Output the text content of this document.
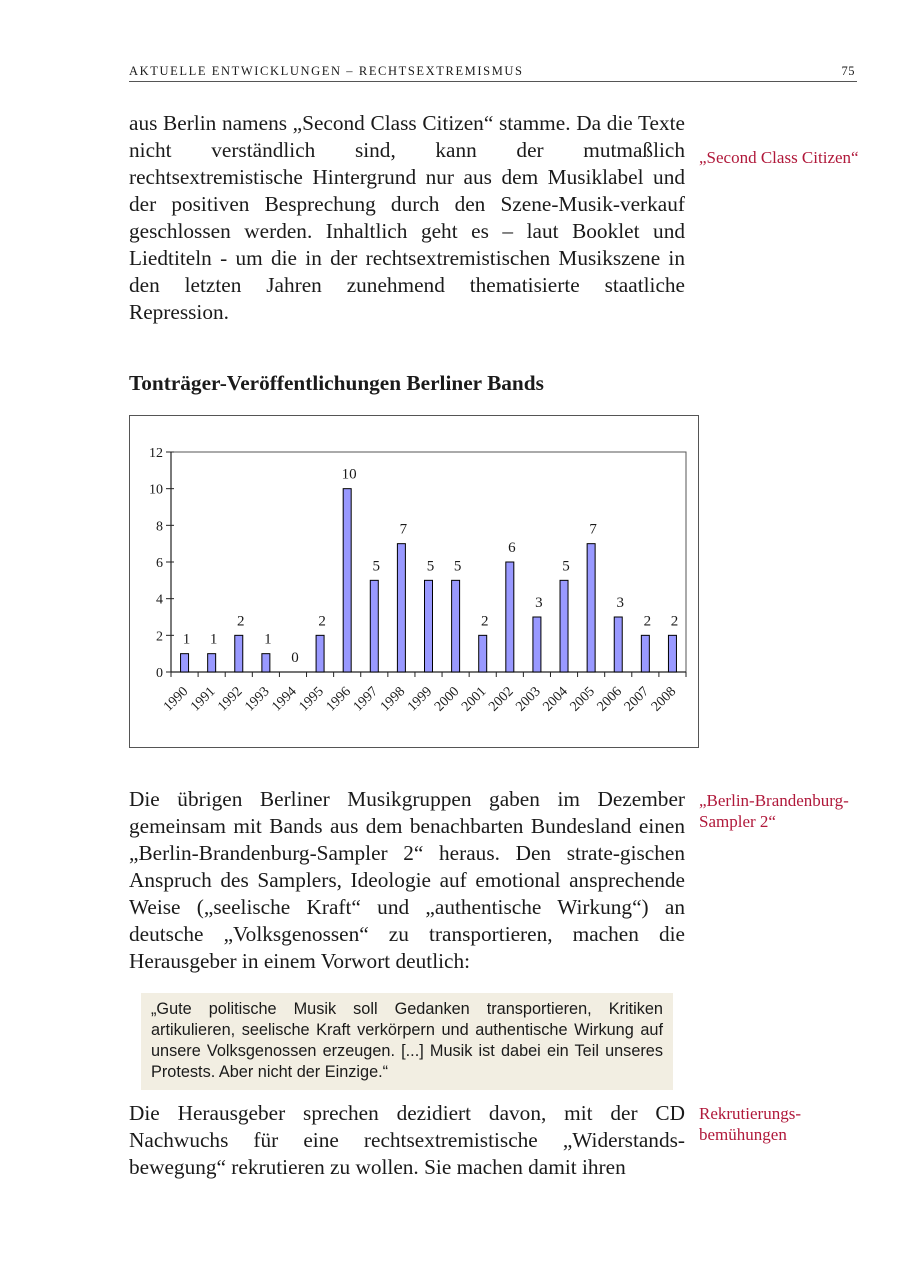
AKTUELLE ENTWICKLUNGEN – RECHTSEXTREMISMUS	75
aus Berlin namens „Second Class Citizen“ stamme. Da die Texte nicht verständlich sind, kann der mutmaßlich rechtsextremistische Hintergrund nur aus dem Musiklabel und der positiven Besprechung durch den Szene-Musik-verkauf geschlossen werden. Inhaltlich geht es – laut Booklet und Liedtiteln - um die in der rechtsextremistischen Musikszene in den letzten Jahren zunehmend thematisierte staatliche Repression.
„Second Class Citizen“
Tonträger-Veröffentlichungen Berliner Bands
0
2
4
6
8
10
12
1
1990
1
1991
2
1992
1
1993
0
1994
2
1995
10
1996
5
1997
7
1998
5
1999
5
2000
2
2001
6
2002
3
2003
5
2004
7
2005
3
2006
2
2007
2
2008
Die übrigen Berliner Musikgruppen gaben im Dezember gemeinsam mit Bands aus dem benachbarten Bundesland einen „Berlin-Brandenburg-Sampler 2“ heraus. Den strate-gischen Anspruch des Samplers, Ideologie auf emotional ansprechende Weise („seelische Kraft“ und „authentische Wirkung“) an deutsche „Volksgenossen“ zu transportieren, machen die Herausgeber in einem Vorwort deutlich:
„Berlin-Brandenburg-Sampler 2“
„Gute politische Musik soll Gedanken transportieren, Kritiken artikulieren, seelische Kraft verkörpern und authentische Wirkung auf unsere Volksgenossen erzeugen. [...] Musik ist dabei ein Teil unseres Protests. Aber nicht der Einzige.“
Die Herausgeber sprechen dezidiert davon, mit der CD Nachwuchs für eine rechtsextremistische „Widerstands-bewegung“ rekrutieren zu wollen. Sie machen damit ihren
Rekrutierungs-bemühungen
